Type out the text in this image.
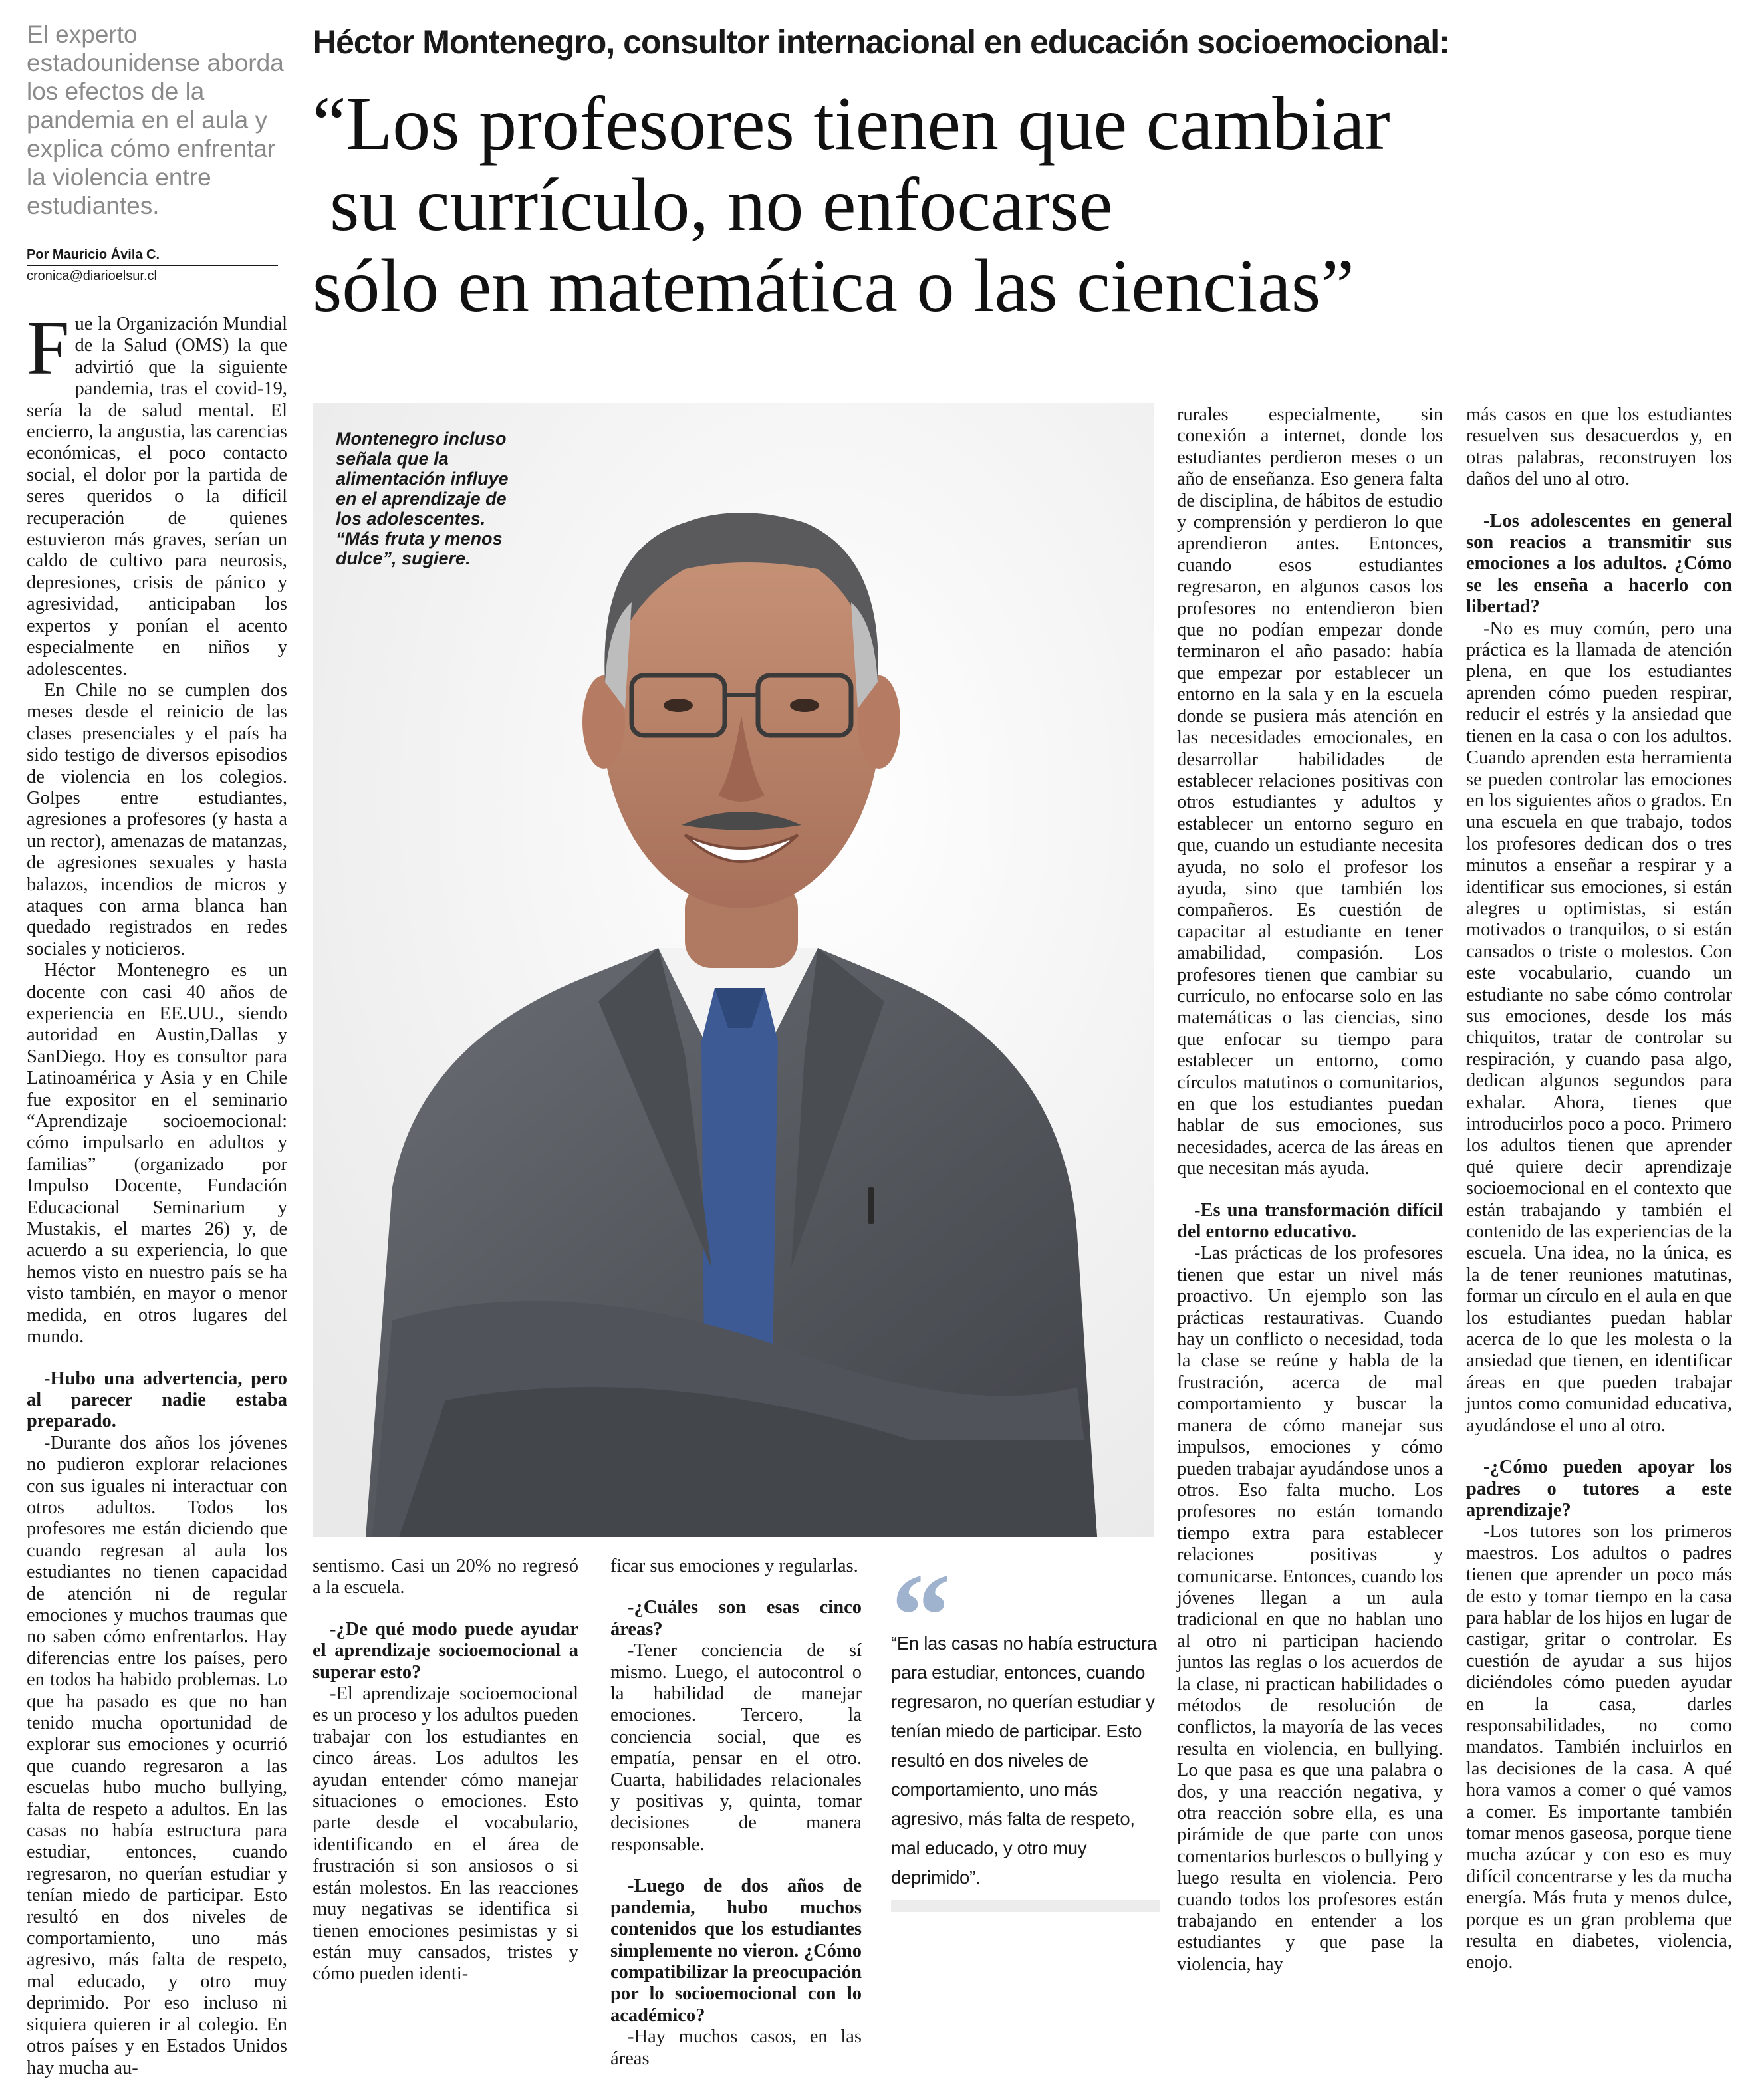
El experto estadounidense aborda los efectos de la pandemia en el aula y explica cómo enfrentar la violencia entre estudiantes.
Por Mauricio Ávila C.
cronica@diarioelsur.cl
Héctor Montenegro, consultor internacional en educación socioemocional:
“Los profesores tienen que cambiar
su currículo, no enfocarse
sólo en matemática o las ciencias”

Fue la Organización Mundial de la Salud (OMS) la que advirtió que la siguiente pandemia, tras el covid-19, sería la de salud mental. El encierro, la angustia, las carencias económicas, el poco contacto social, el dolor por la partida de seres queridos o la difícil recuperación de quienes estuvieron más graves, serían un caldo de cultivo para neurosis, depresiones, crisis de pánico y agresividad, anticipaban los expertos y ponían el acento especialmente en niños y adolescentes.

En Chile no se cumplen dos meses desde el reinicio de las clases presenciales y el país ha sido testigo de diversos episodios de violencia en los colegios. Golpes entre estudiantes, agresiones a profesores (y hasta a un rector), amenazas de matanzas, de agresiones sexuales y hasta balazos, incendios de micros y ataques con arma blanca han quedado registrados en redes sociales y noticieros.

Héctor Montenegro es un docente con casi 40 años de experiencia en EE.UU., siendo autoridad en Austin,Dallas y SanDiego. Hoy es consultor para Latinoamérica y Asia y en Chile fue expositor en el seminario “Aprendizaje socioemocional: cómo impulsarlo en adultos y familias” (organizado por Impulso Docente, Fundación Educacional Seminarium y Mustakis, el martes 26) y, de acuerdo a su experiencia, lo que hemos visto en nuestro país se ha visto también, en mayor o menor medida, en otros lugares del mundo.

-Hubo una advertencia, pero al parecer nadie estaba preparado.

-Durante dos años los jóvenes no pudieron explorar relaciones con sus iguales ni interactuar con otros adultos. Todos los profesores me están diciendo que cuando regresan al aula los estudiantes no tienen capacidad de atención ni de regular emociones y muchos traumas que no saben cómo enfrentarlos. Hay diferencias entre los países, pero en todos ha habido problemas. Lo que ha pasado es que no han tenido mucha oportunidad de explorar sus emociones y ocurrió que cuando regresaron a las escuelas hubo mucho bullying, falta de respeto a adultos. En las casas no había estructura para estudiar, entonces, cuando regresaron, no querían estudiar y tenían miedo de participar. Esto resultó en dos niveles de comportamiento, uno más agresivo, más falta de respeto, mal educado, y otro muy deprimido. Por eso incluso ni siquiera quieren ir al colegio. En otros países y en Estados Unidos hay mucha au-

Montenegro incluso señala que la alimentación influye en el aprendizaje de los adolescentes. “Más fruta y menos dulce”, sugiere.

sentismo. Casi un 20% no regresó a la escuela.

-¿De qué modo puede ayudar el aprendizaje socioemocional a superar esto?

-El aprendizaje socioemocional es un proceso y los adultos pueden trabajar con los estudiantes en cinco áreas. Los adultos les ayudan entender cómo manejar situaciones o emociones. Esto parte desde el vocabulario, identificando en el área de frustración si son ansiosos o si están molestos. En las reacciones muy negativas se identifica si tienen emociones pesimistas y si están muy cansados, tristes y cómo pueden identi-

ficar sus emociones y regularlas.

-¿Cuáles son esas cinco áreas?

-Tener conciencia de sí mismo. Luego, el autocontrol o la habilidad de manejar emociones. Tercero, la conciencia social, que es empatía, pensar en el otro. Cuarta, habilidades relacionales y positivas y, quinta, tomar decisiones de manera responsable.

-Luego de dos años de pandemia, hubo muchos contenidos que los estudiantes simplemente no vieron. ¿Cómo compatibilizar la preocupación por lo socioemocional con lo académico?

-Hay muchos casos, en las áreas

“
“En las casas no había estructura para estudiar, entonces, cuando regresaron, no querían estudiar y tenían miedo de participar. Esto resultó en dos niveles de comportamiento, uno más agresivo, más falta de respeto, mal educado, y otro muy deprimido”.

rurales especialmente, sin conexión a internet, donde los estudiantes perdieron meses o un año de enseñanza. Eso genera falta de disciplina, de hábitos de estudio y comprensión y perdieron lo que aprendieron antes. Entonces, cuando esos estudiantes regresaron, en algunos casos los profesores no entendieron bien que no podían empezar donde terminaron el año pasado: había que empezar por establecer un entorno en la sala y en la escuela donde se pusiera más atención en las necesidades emocionales, en desarrollar habilidades de establecer relaciones positivas con otros estudiantes y adultos y establecer un entorno seguro en que, cuando un estudiante necesita ayuda, no solo el profesor los ayuda, sino que también los compañeros. Es cuestión de capacitar al estudiante en tener amabilidad, compasión. Los profesores tienen que cambiar su currículo, no enfocarse solo en las matemáticas o las ciencias, sino que enfocar su tiempo para establecer un entorno, como círculos matutinos o comunitarios, en que los estudiantes puedan hablar de sus emociones, sus necesidades, acerca de las áreas en que necesitan más ayuda.

-Es una transformación difícil del entorno educativo.

-Las prácticas de los profesores tienen que estar un nivel más proactivo. Un ejemplo son las prácticas restaurativas. Cuando hay un conflicto o necesidad, toda la clase se reúne y habla de la frustración, acerca de mal comportamiento y buscar la manera de cómo manejar sus impulsos, emociones y cómo pueden trabajar ayudándose unos a otros. Eso falta mucho. Los profesores no están tomando tiempo extra para establecer relaciones positivas y comunicarse. Entonces, cuando los jóvenes llegan a un aula tradicional en que no hablan uno al otro ni participan haciendo juntos las reglas o los acuerdos de la clase, ni practican habilidades o métodos de resolución de conflictos, la mayoría de las veces resulta en violencia, en bullying. Lo que pasa es que una palabra o dos, y una reacción negativa, y otra reacción sobre ella, es una pirámide de que parte con unos comentarios burlescos o bullying y luego resulta en violencia. Pero cuando todos los profesores están trabajando en entender a los estudiantes y que pase la violencia, hay

más casos en que los estudiantes resuelven sus desacuerdos y, en otras palabras, reconstruyen los daños del uno al otro.

-Los adolescentes en general son reacios a transmitir sus emociones a los adultos. ¿Cómo se les enseña a hacerlo con libertad?

-No es muy común, pero una práctica es la llamada de atención plena, en que los estudiantes aprenden cómo pueden respirar, reducir el estrés y la ansiedad que tienen en la casa o con los adultos. Cuando aprenden esta herramienta se pueden controlar las emociones en los siguientes años o grados. En una escuela en que trabajo, todos los profesores dedican dos o tres minutos a enseñar a respirar y a identificar sus emociones, si están alegres u optimistas, si están motivados o tranquilos, o si están cansados o triste o molestos. Con este vocabulario, cuando un estudiante no sabe cómo controlar sus emociones, desde los más chiquitos, tratar de controlar su respiración, y cuando pasa algo, dedican algunos segundos para exhalar. Ahora, tienes que introducirlos poco a poco. Primero los adultos tienen que aprender qué quiere decir aprendizaje socioemocional en el contexto que están trabajando y también el contenido de las experiencias de la escuela. Una idea, no la única, es la de tener reuniones matutinas, formar un círculo en el aula en que los estudiantes puedan hablar acerca de lo que les molesta o la ansiedad que tienen, en identificar áreas en que pueden trabajar juntos como comunidad educativa, ayudándose el uno al otro.

-¿Cómo pueden apoyar los padres o tutores a este aprendizaje?

-Los tutores son los primeros maestros. Los adultos o padres tienen que aprender un poco más de esto y tomar tiempo en la casa para hablar de los hijos en lugar de castigar, gritar o controlar. Es cuestión de ayudar a sus hijos diciéndoles cómo pueden ayudar en la casa, darles responsabilidades, no como mandatos. También incluirlos en las decisiones de la casa. A qué hora vamos a comer o qué vamos a comer. Es importante también tomar menos gaseosa, porque tiene mucha azúcar y con eso es muy difícil concentrarse y les da mucha energía. Más fruta y menos dulce, porque es un gran problema que resulta en diabetes, violencia, enojo.
